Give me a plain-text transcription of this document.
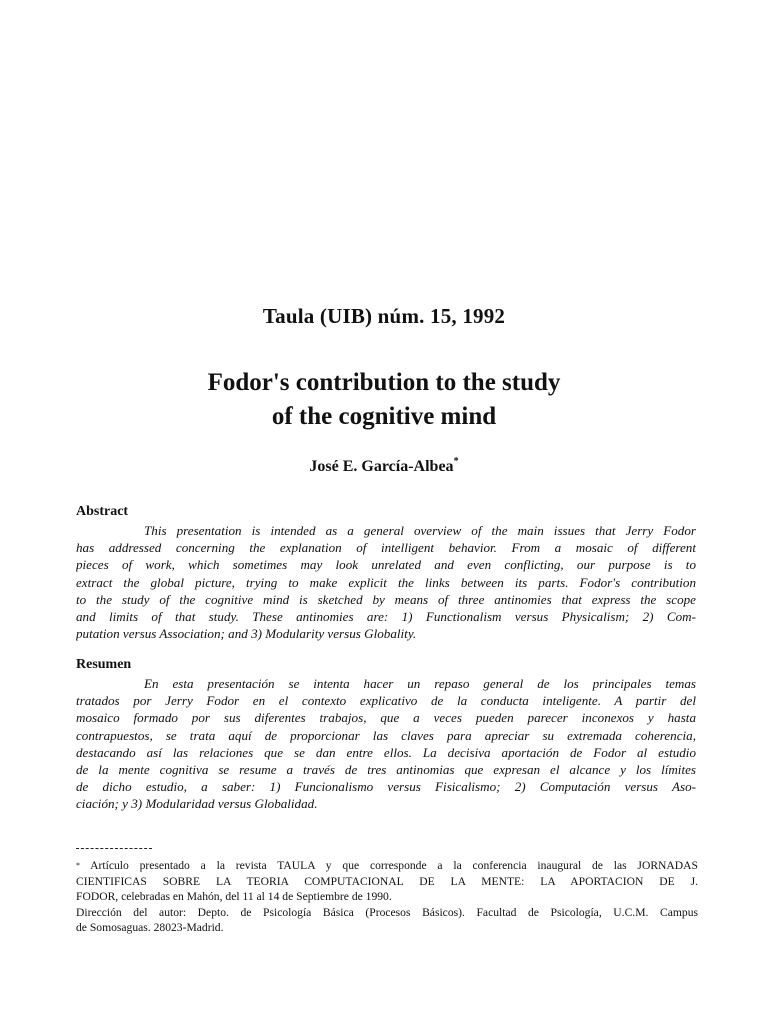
Taula (UIB) núm. 15, 1992
Fodor's contribution to the study
of the cognitive mind
José E. García-Albea*
Abstract

This presentation is intended as a general overview of the main issues that Jerry Fodor
has addressed concerning the explanation of intelligent behavior. From a mosaic of different
pieces of work, which sometimes may look unrelated and even conflicting, our purpose is to
extract the global picture, trying to make explicit the links between its parts. Fodor's contribution
to the study of the cognitive mind is sketched by means of three antinomies that express the scope
and limits of that study. These antinomies are: 1) Functionalism versus Physicalism; 2) Com-
putation versus Association; and 3) Modularity versus Globality.

Resumen

En esta presentación se intenta hacer un repaso general de los principales temas
tratados por Jerry Fodor en el contexto explicativo de la conducta inteligente. A partir del
mosaico formado por sus diferentes trabajos, que a veces pueden parecer inconexos y hasta
contrapuestos, se trata aquí de proporcionar las claves para apreciar su extremada coherencia,
destacando así las relaciones que se dan entre ellos. La decisiva aportación de Fodor al estudio
de la mente cognitiva se resume a través de tres antinomias que expresan el alcance y los límites
de dicho estudio, a saber: 1) Funcionalismo versus Fisicalismo; 2) Computación versus Aso-
ciación; y 3) Modularidad versus Globalidad.

* Artículo presentado a la revista TAULA y que corresponde a la conferencia inaugural de las JORNADAS
CIENTIFICAS SOBRE LA TEORIA COMPUTACIONAL DE LA MENTE: LA APORTACION DE J.
FODOR, celebradas en Mahón, del 11 al 14 de Septiembre de 1990.
Dirección del autor: Depto. de Psicología Básica (Procesos Básicos). Facultad de Psicología, U.C.M. Campus
de Somosaguas. 28023-Madrid.
